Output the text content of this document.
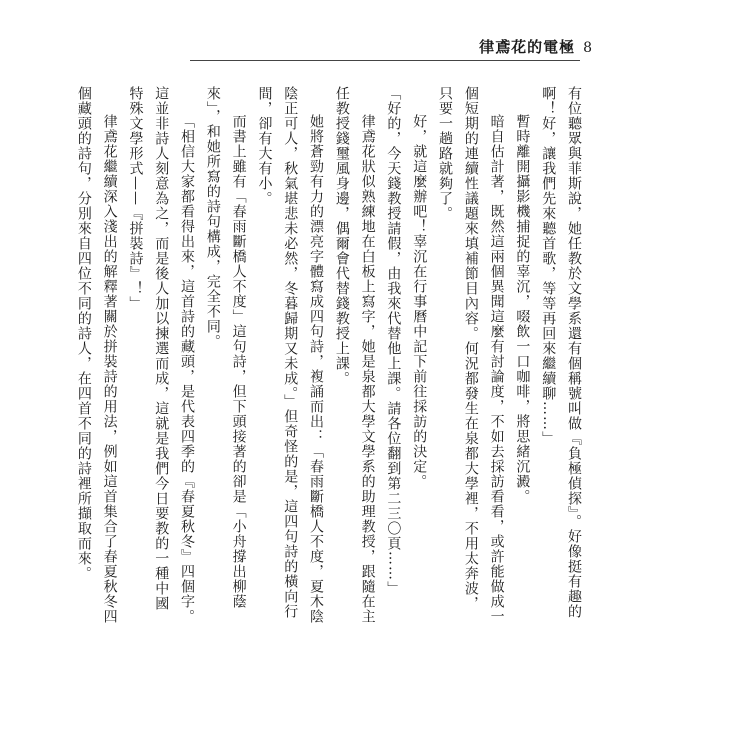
律鳶花的電極 8

有位聽眾與菲斯說，她任教於文學系還有個稱號叫做『負極偵探』。好像挺有趣的啊！好，讓我們先來聽首歌，等等再回來繼續聊……」

暫時離開攝影機捕捉的辜沉，啜飲一口咖啡，將思緒沉澱。

暗自估計著，既然這兩個異聞這麼有討論度，不如去採訪看看，或許能做成一個短期的連續性議題來填補節目內容。何況都發生在泉都大學裡，不用太奔波，只要一趟路就夠了。

好，就這麼辦吧！辜沉在行事曆中記下前往採訪的決定。

「好的，今天錢教授請假，由我來代替他上課。請各位翻到第二三〇頁……」

律鳶花狀似熟練地在白板上寫字，她是泉都大學文學系的助理教授，跟隨在主任教授錢璽風身邊，偶爾會代替錢教授上課。

她將蒼勁有力的漂亮字體寫成四句詩，複誦而出：「春雨斷橋人不度，夏木陰陰正可人，秋氣堪悲未必然，冬暮歸期又未成。」但奇怪的是，這四句詩的橫向行間，卻有大有小。

而書上雖有「春雨斷橋人不度」這句詩，但下頭接著的卻是「小舟撐出柳蔭來」，和她所寫的詩句構成，完全不同。

「相信大家都看得出來，這首詩的藏頭，是代表四季的『春夏秋冬』四個字。這並非詩人刻意為之，而是後人加以揀選而成，這就是我們今日要教的一種中國特殊文學形式——『拼裝詩』！」

律鳶花繼續深入淺出的解釋著關於拼裝詩的用法，例如這首集合了春夏秋冬四個藏頭的詩句，分別來自四位不同的詩人，在四首不同的詩裡所擷取而來。
